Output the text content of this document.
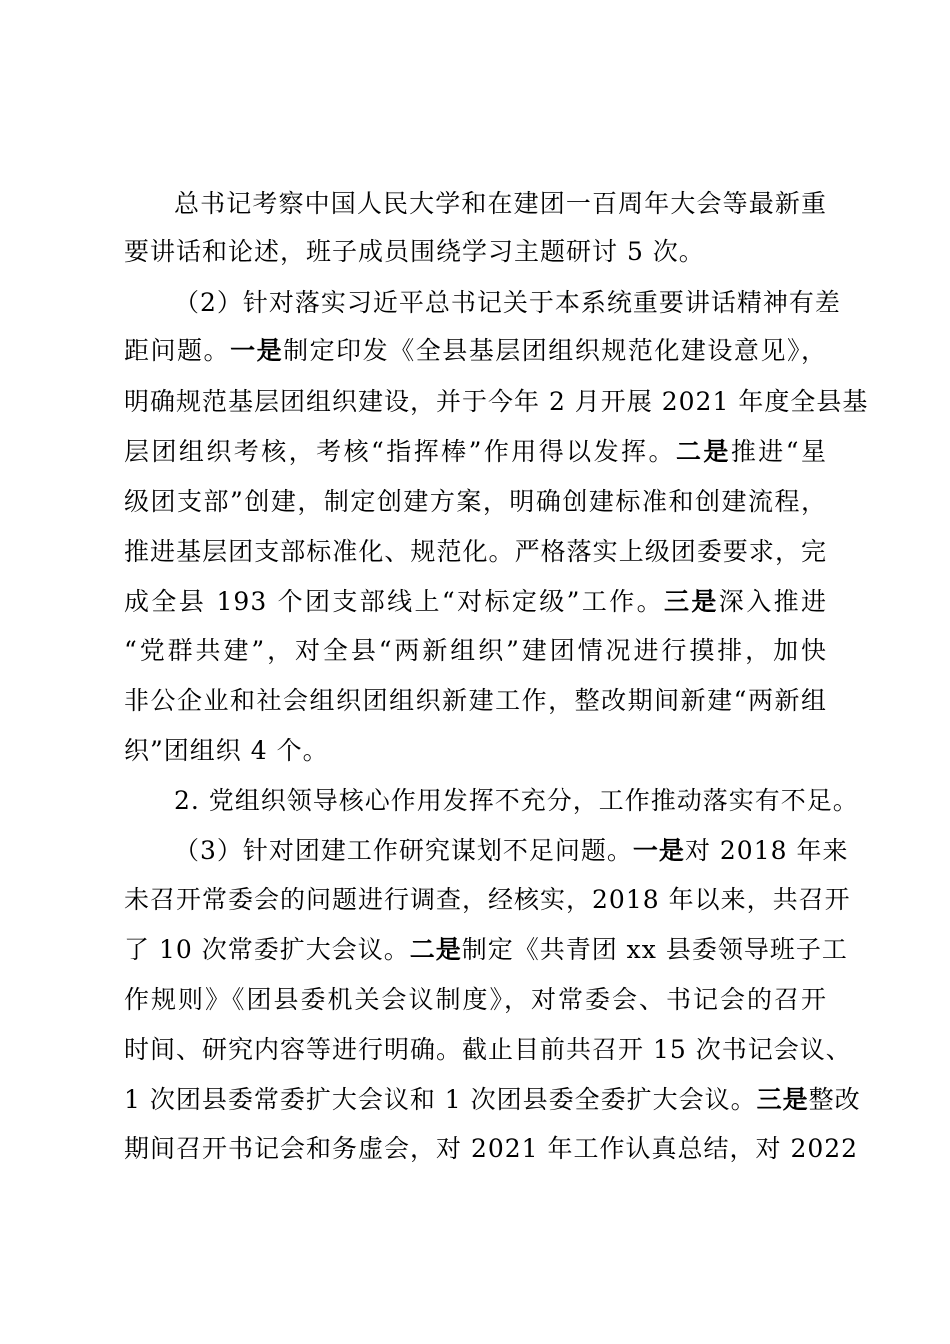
总书记考察中国人民大学和在建团一百周年大会等最新重
要讲话和论述，班子成员围绕学习主题研讨 5 次。
（2）针对落实习近平总书记关于本系统重要讲话精神有差
距问题。一是制定印发《全县基层团组织规范化建设意见》，
明确规范基层团组织建设，并于今年 2 月开展 2021 年度全县基
层团组织考核，考核“指挥棒”作用得以发挥。二是推进“星
级团支部”创建，制定创建方案，明确创建标准和创建流程，
推进基层团支部标准化、规范化。严格落实上级团委要求，完
成全县 193 个团支部线上“对标定级”工作。三是深入推进
“党群共建”，对全县“两新组织”建团情况进行摸排，加快
非公企业和社会组织团组织新建工作，整改期间新建“两新组
织”团组织 4 个。
2. 党组织领导核心作用发挥不充分，工作推动落实有不足。
（3）针对团建工作研究谋划不足问题。一是对 2018 年来
未召开常委会的问题进行调查，经核实，2018 年以来，共召开
了 10 次常委扩大会议。二是制定《共青团 xx 县委领导班子工
作规则》《团县委机关会议制度》，对常委会、书记会的召开
时间、研究内容等进行明确。截止目前共召开 15 次书记会议、
1 次团县委常委扩大会议和 1 次团县委全委扩大会议。三是整改
期间召开书记会和务虚会，对 2021 年工作认真总结，对 2022
